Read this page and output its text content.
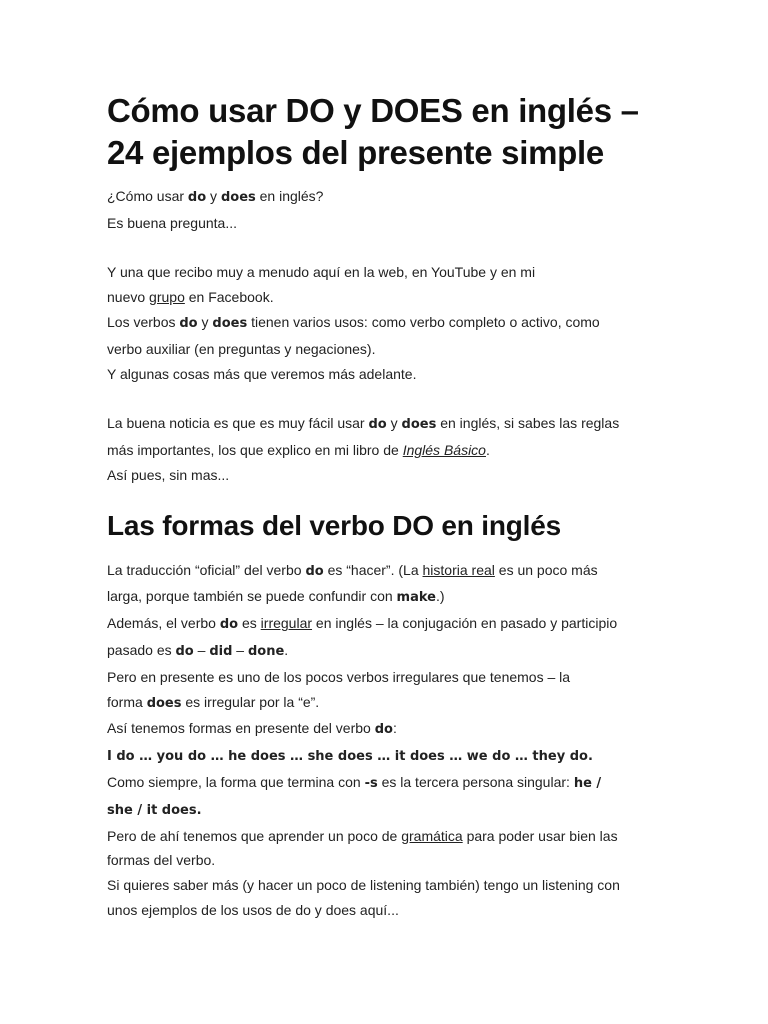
Cómo usar DO y DOES en inglés – 24 ejemplos del presente simple

¿Cómo usar do y does en inglés?

Es buena pregunta...

Y una que recibo muy a menudo aquí en la web, en YouTube y en mi

nuevo grupo en Facebook.

Los verbos do y does tienen varios usos: como verbo completo o activo, como

verbo auxiliar (en preguntas y negaciones).

Y algunas cosas más que veremos más adelante.

La buena noticia es que es muy fácil usar do y does en inglés, si sabes las reglas

más importantes, los que explico en mi libro de Inglés Básico.

Así pues, sin mas...

Las formas del verbo DO en inglés

La traducción “oficial” del verbo do es “hacer”. (La historia real es un poco más

larga, porque también se puede confundir con make.)

Además, el verbo do es irregular en inglés – la conjugación en pasado y participio

pasado es do – did – done.

Pero en presente es uno de los pocos verbos irregulares que tenemos – la

forma does es irregular por la “e”.

Así tenemos formas en presente del verbo do:

I do … you do … he does … she does … it does … we do … they do.

Como siempre, la forma que termina con -s es la tercera persona singular: he /

she / it does.

Pero de ahí tenemos que aprender un poco de gramática para poder usar bien las

formas del verbo.

Si quieres saber más (y hacer un poco de listening también) tengo un listening con

unos ejemplos de los usos de do y does aquí...
